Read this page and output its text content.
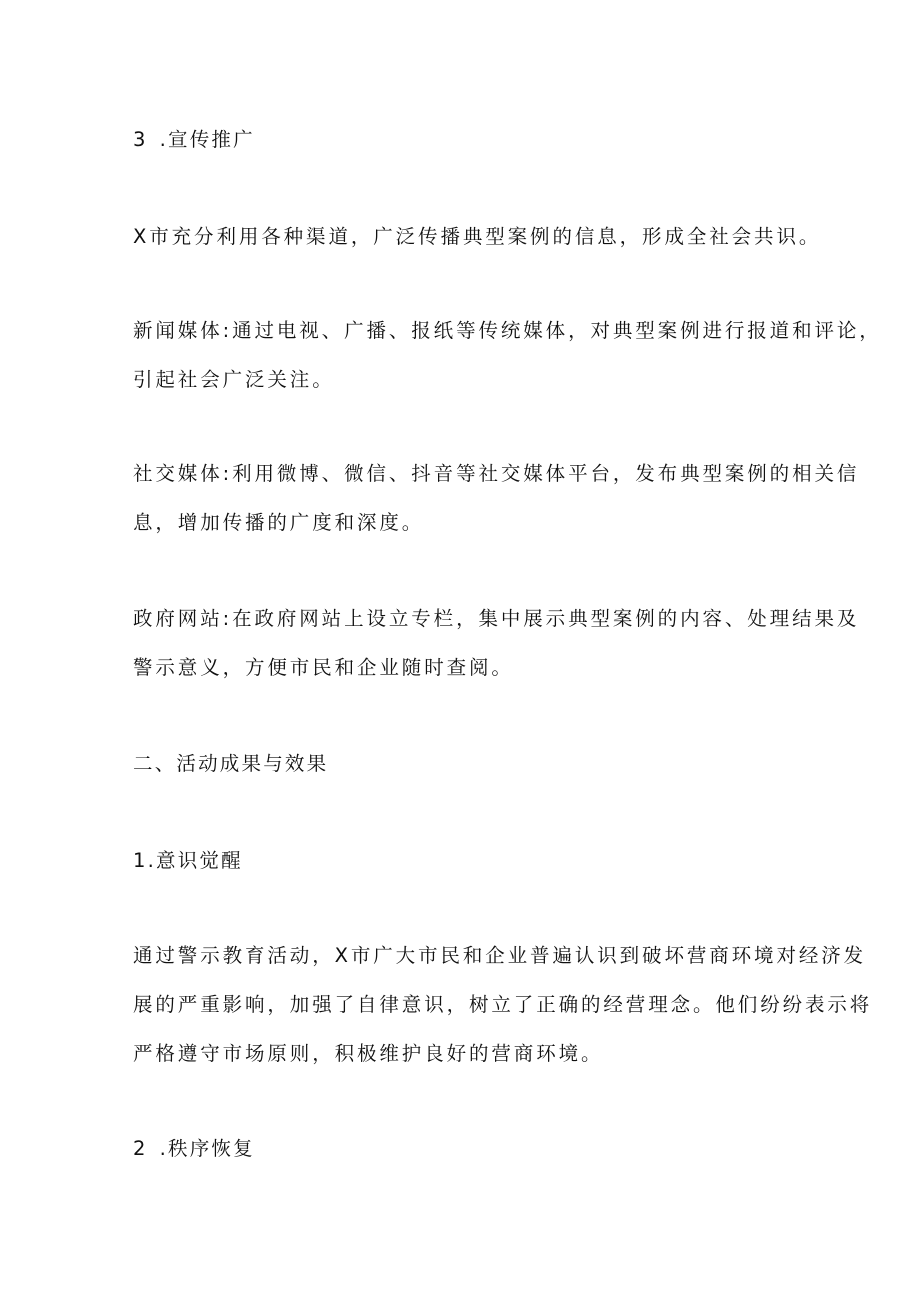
3 .宣传推广

X市充分利用各种渠道，广泛传播典型案例的信息，形成全社会共识。

新闻媒体:通过电视、广播、报纸等传统媒体，对典型案例进行报道和评论，

引起社会广泛关注。

社交媒体:利用微博、微信、抖音等社交媒体平台，发布典型案例的相关信

息，增加传播的广度和深度。

政府网站:在政府网站上设立专栏，集中展示典型案例的内容、处理结果及

警示意义，方便市民和企业随时查阅。

二、活动成果与效果

1.意识觉醒

通过警示教育活动，X市广大市民和企业普遍认识到破坏营商环境对经济发

展的严重影响，加强了自律意识，树立了正确的经营理念。他们纷纷表示将

严格遵守市场原则，积极维护良好的营商环境。

2 .秩序恢复
